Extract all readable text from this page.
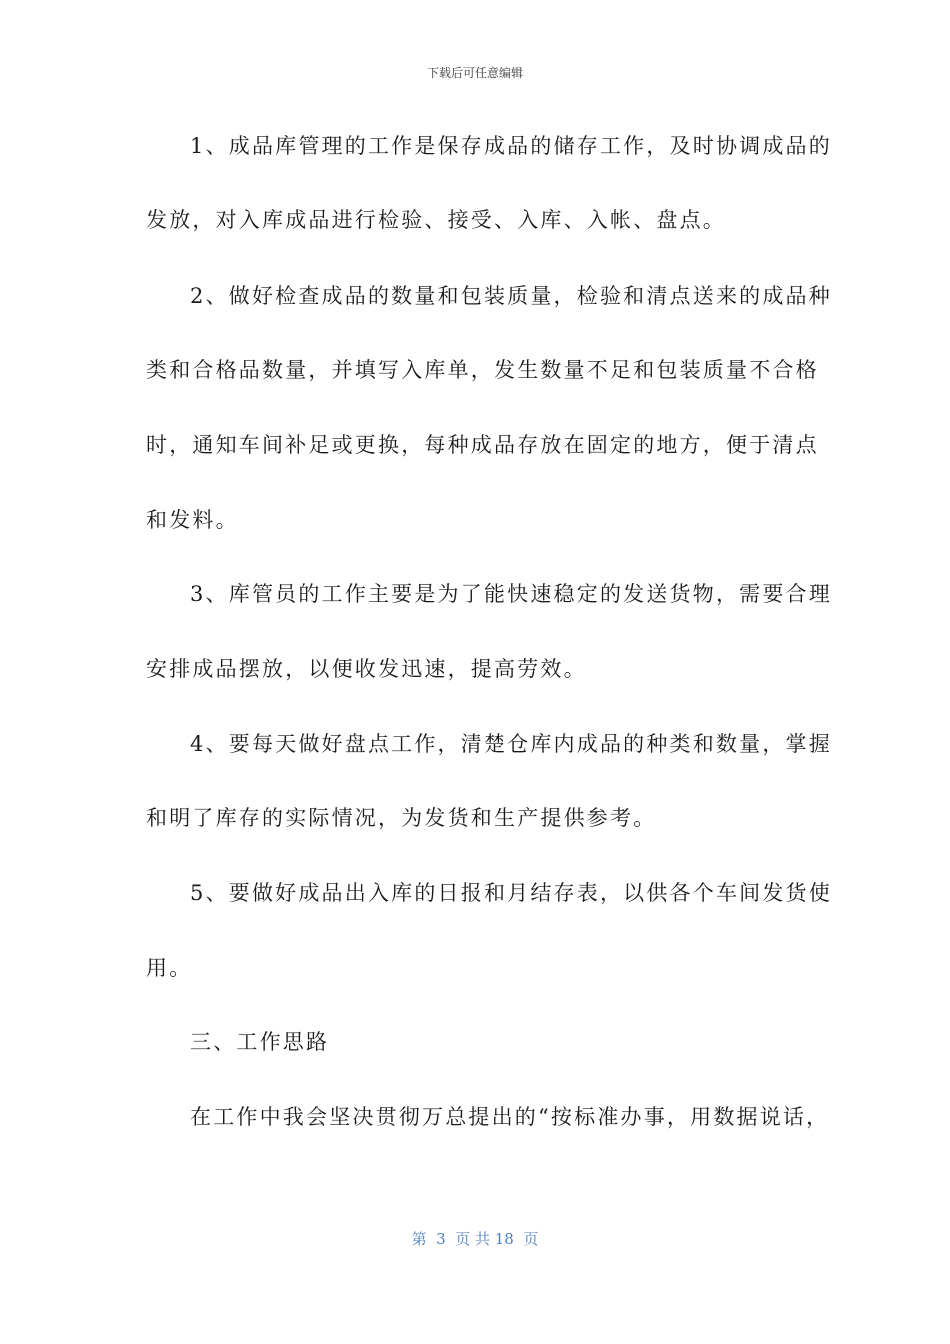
下载后可任意编辑
1、成品库管理的工作是保存成品的储存工作，及时协调成品的
发放，对入库成品进行检验、接受、入库、入帐、盘点。
2、做好检查成品的数量和包装质量，检验和清点送来的成品种
类和合格品数量，并填写入库单，发生数量不足和包装质量不合格
时，通知车间补足或更换，每种成品存放在固定的地方，便于清点
和发料。
3、库管员的工作主要是为了能快速稳定的发送货物，需要合理
安排成品摆放，以便收发迅速，提高劳效。
4、要每天做好盘点工作，清楚仓库内成品的种类和数量，掌握
和明了库存的实际情况，为发货和生产提供参考。
5、要做好成品出入库的日报和月结存表，以供各个车间发货使
用。
三、工作思路
在工作中我会坚决贯彻万总提出的“按标准办事，用数据说话，
第  3  页 共 18  页
